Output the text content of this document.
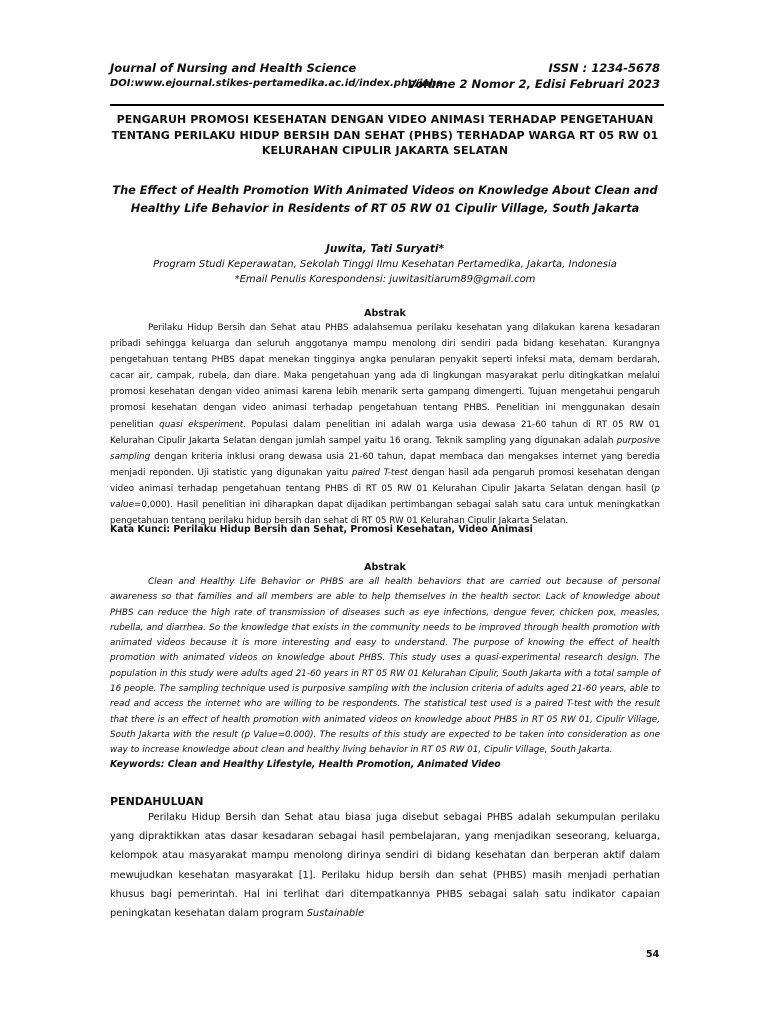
Journal of Nursing and Health Science
DOI:www.ejournal.stikes-pertamedika.ac.id/index.php/jnhs
ISSN : 1234-5678
Volume 2 Nomor 2, Edisi Februari 2023
PENGARUH PROMOSI KESEHATAN DENGAN VIDEO ANIMASI TERHADAP PENGETAHUAN TENTANG PERILAKU HIDUP BERSIH DAN SEHAT (PHBS) TERHADAP WARGA RT 05 RW 01 KELURAHAN CIPULIR JAKARTA SELATAN
The Effect of Health Promotion With Animated Videos on Knowledge About Clean and Healthy Life Behavior in Residents of RT 05 RW 01 Cipulir Village, South Jakarta
Juwita, Tati Suryati*
Program Studi Keperawatan, Sekolah Tinggi Ilmu Kesehatan Pertamedika, Jakarta, Indonesia
*Email Penulis Korespondensi: juwitasitiarum89@gmail.com
Abstrak

Perilaku Hidup Bersih dan Sehat atau PHBS adalahsemua perilaku kesehatan yang dilakukan karena kesadaran pribadi sehingga keluarga dan seluruh anggotanya mampu menolong diri sendiri pada bidang kesehatan. Kurangnya pengetahuan tentang PHBS dapat menekan tingginya angka penularan penyakit seperti infeksi mata, demam berdarah, cacar air, campak, rubela, dan diare. Maka pengetahuan yang ada di lingkungan masyarakat perlu ditingkatkan melalui promosi kesehatan dengan video animasi karena lebih menarik serta gampang dimengerti. Tujuan mengetahui pengaruh promosi kesehatan dengan video animasi terhadap pengetahuan tentang PHBS. Penelitian ini menggunakan desain penelitian quasi eksperiment. Populasi dalam penelitian ini adalah warga usia dewasa 21-60 tahun di RT 05 RW 01 Kelurahan Cipulir Jakarta Selatan dengan jumlah sampel yaitu 16 orang. Teknik sampling yang digunakan adalah purposive sampling dengan kriteria inklusi orang dewasa usia 21-60 tahun, dapat membaca dan mengakses internet yang beredia menjadi reponden. Uji statistic yang digunakan yaitu paired T-test dengan hasil ada pengaruh promosi kesehatan dengan video animasi terhadap pengetahuan tentang PHBS di RT 05 RW 01 Kelurahan Cipulir Jakarta Selatan dengan hasil (p value=0,000). Hasil penelitian ini diharapkan dapat dijadikan pertimbangan sebagai salah satu cara untuk meningkatkan pengetahuan tentang perilaku hidup bersih dan sehat di RT 05 RW 01 Kelurahan Cipulir Jakarta Selatan.

Kata Kunci: Perilaku Hidup Bersih dan Sehat, Promosi Kesehatan, Video Animasi
Abstrak

Clean and Healthy Life Behavior or PHBS are all health behaviors that are carried out because of personal awareness so that families and all members are able to help themselves in the health sector. Lack of knowledge about PHBS can reduce the high rate of transmission of diseases such as eye infections, dengue fever, chicken pox, measles, rubella, and diarrhea. So the knowledge that exists in the community needs to be improved through health promotion with animated videos because it is more interesting and easy to understand. The purpose of knowing the effect of health promotion with animated videos on knowledge about PHBS. This study uses a quasi-experimental research design. The population in this study were adults aged 21-60 years in RT 05 RW 01 Kelurahan Cipulir, South Jakarta with a total sample of 16 people. The sampling technique used is purposive sampling with the inclusion criteria of adults aged 21-60 years, able to read and access the internet who are willing to be respondents. The statistical test used is a paired T-test with the result that there is an effect of health promotion with animated videos on knowledge about PHBS in RT 05 RW 01, Cipulir Village, South Jakarta with the result (p Value=0.000). The results of this study are expected to be taken into consideration as one way to increase knowledge about clean and healthy living behavior in RT 05 RW 01, Cipulir Village, South Jakarta.

Keywords: Clean and Healthy Lifestyle, Health Promotion, Animated Video
PENDAHULUAN

Perilaku Hidup Bersih dan Sehat atau biasa juga disebut sebagai PHBS adalah sekumpulan perilaku yang dipraktikkan atas dasar kesadaran sebagai hasil pembelajaran, yang menjadikan seseorang, keluarga, kelompok atau masyarakat mampu menolong dirinya sendiri di bidang kesehatan dan berperan aktif dalam mewujudkan kesehatan masyarakat [1]. Perilaku hidup bersih dan sehat (PHBS) masih menjadi perhatian khusus bagi pemerintah. Hal ini terlihat dari ditempatkannya PHBS sebagai salah satu indikator capaian peningkatan kesehatan dalam program Sustainable

54
